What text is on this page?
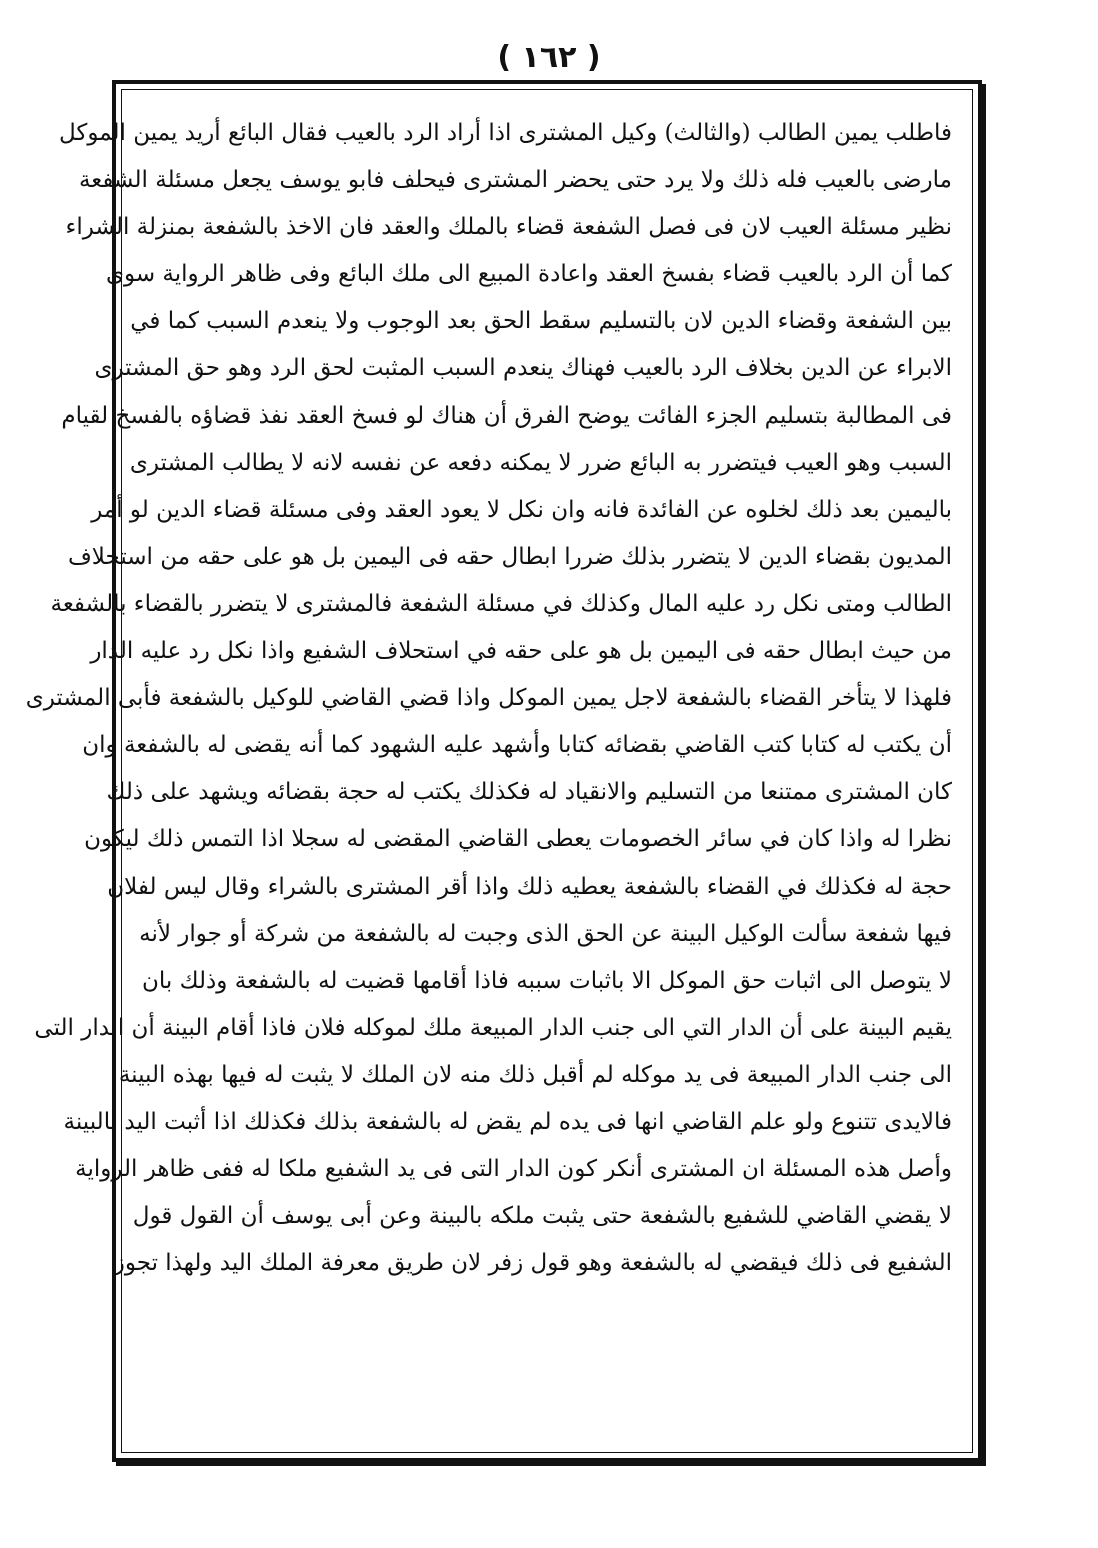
( ١٦٢ )
فاطلب يمين الطالب (والثالث) وكيل المشترى اذا أراد الرد بالعيب فقال البائع أريد يمين الموكل
مارضى بالعيب فله ذلك ولا يرد حتى يحضر المشترى فيحلف فابو يوسف يجعل مسئلة الشفعة
نظير مسئلة العيب لان فى فصل الشفعة قضاء بالملك والعقد فان الاخذ بالشفعة بمنزلة الشراء
كما أن الرد بالعيب قضاء بفسخ العقد واعادة المبيع الى ملك البائع وفى ظاهر الرواية سوى
بين الشفعة وقضاء الدين لان بالتسليم سقط الحق بعد الوجوب ولا ينعدم السبب كما في
الابراء عن الدين بخلاف الرد بالعيب فهناك ينعدم السبب المثبت لحق الرد وهو حق المشترى
فى المطالبة بتسليم الجزء الفائت يوضح الفرق أن هناك لو فسخ العقد نفذ قضاؤه بالفسخ لقيام
السبب وهو العيب فيتضرر به البائع ضرر لا يمكنه دفعه عن نفسه لانه لا يطالب المشترى
باليمين بعد ذلك لخلوه عن الفائدة فانه وان نكل لا يعود العقد وفى مسئلة قضاء الدين لو أمر
المديون بقضاء الدين لا يتضرر بذلك ضررا ابطال حقه فى اليمين بل هو على حقه من استحلاف
الطالب ومتى نكل رد عليه المال وكذلك في مسئلة الشفعة فالمشترى لا يتضرر بالقضاء بالشفعة
من حيث ابطال حقه فى اليمين بل هو على حقه في استحلاف الشفيع واذا نكل رد عليه الدار
فلهذا لا يتأخر القضاء بالشفعة لاجل يمين الموكل واذا قضي القاضي للوكيل بالشفعة فأبى المشترى
أن يكتب له كتابا كتب القاضي بقضائه كتابا وأشهد عليه الشهود كما أنه يقضى له بالشفعة وان
كان المشترى ممتنعا من التسليم والانقياد له فكذلك يكتب له حجة بقضائه ويشهد على ذلك
نظرا له واذا كان في سائر الخصومات يعطى القاضي المقضى له سجلا اذا التمس ذلك ليكون
حجة له فكذلك في القضاء بالشفعة يعطيه ذلك واذا أقر المشترى بالشراء وقال ليس لفلان
فيها شفعة سألت الوكيل البينة عن الحق الذى وجبت له بالشفعة من شركة أو جوار لأنه
لا يتوصل الى اثبات حق الموكل الا باثبات سببه فاذا أقامها قضيت له بالشفعة وذلك بان
يقيم البينة على أن الدار التي الى جنب الدار المبيعة ملك لموكله فلان فاذا أقام البينة أن الدار التى
الى جنب الدار المبيعة فى يد موكله لم أقبل ذلك منه لان الملك لا يثبت له فيها بهذه البينة
فالايدى تتنوع ولو علم القاضي انها فى يده لم يقض له بالشفعة بذلك فكذلك اذا أثبت اليد بالبينة
وأصل هذه المسئلة ان المشترى أنكر كون الدار التى فى يد الشفيع ملكا له ففى ظاهر الرواية
لا يقضي القاضي للشفيع بالشفعة حتى يثبت ملكه بالبينة وعن أبى يوسف أن القول قول
الشفيع فى ذلك فيقضي له بالشفعة وهو قول زفر لان طريق معرفة الملك اليد ولهذا تجوز
